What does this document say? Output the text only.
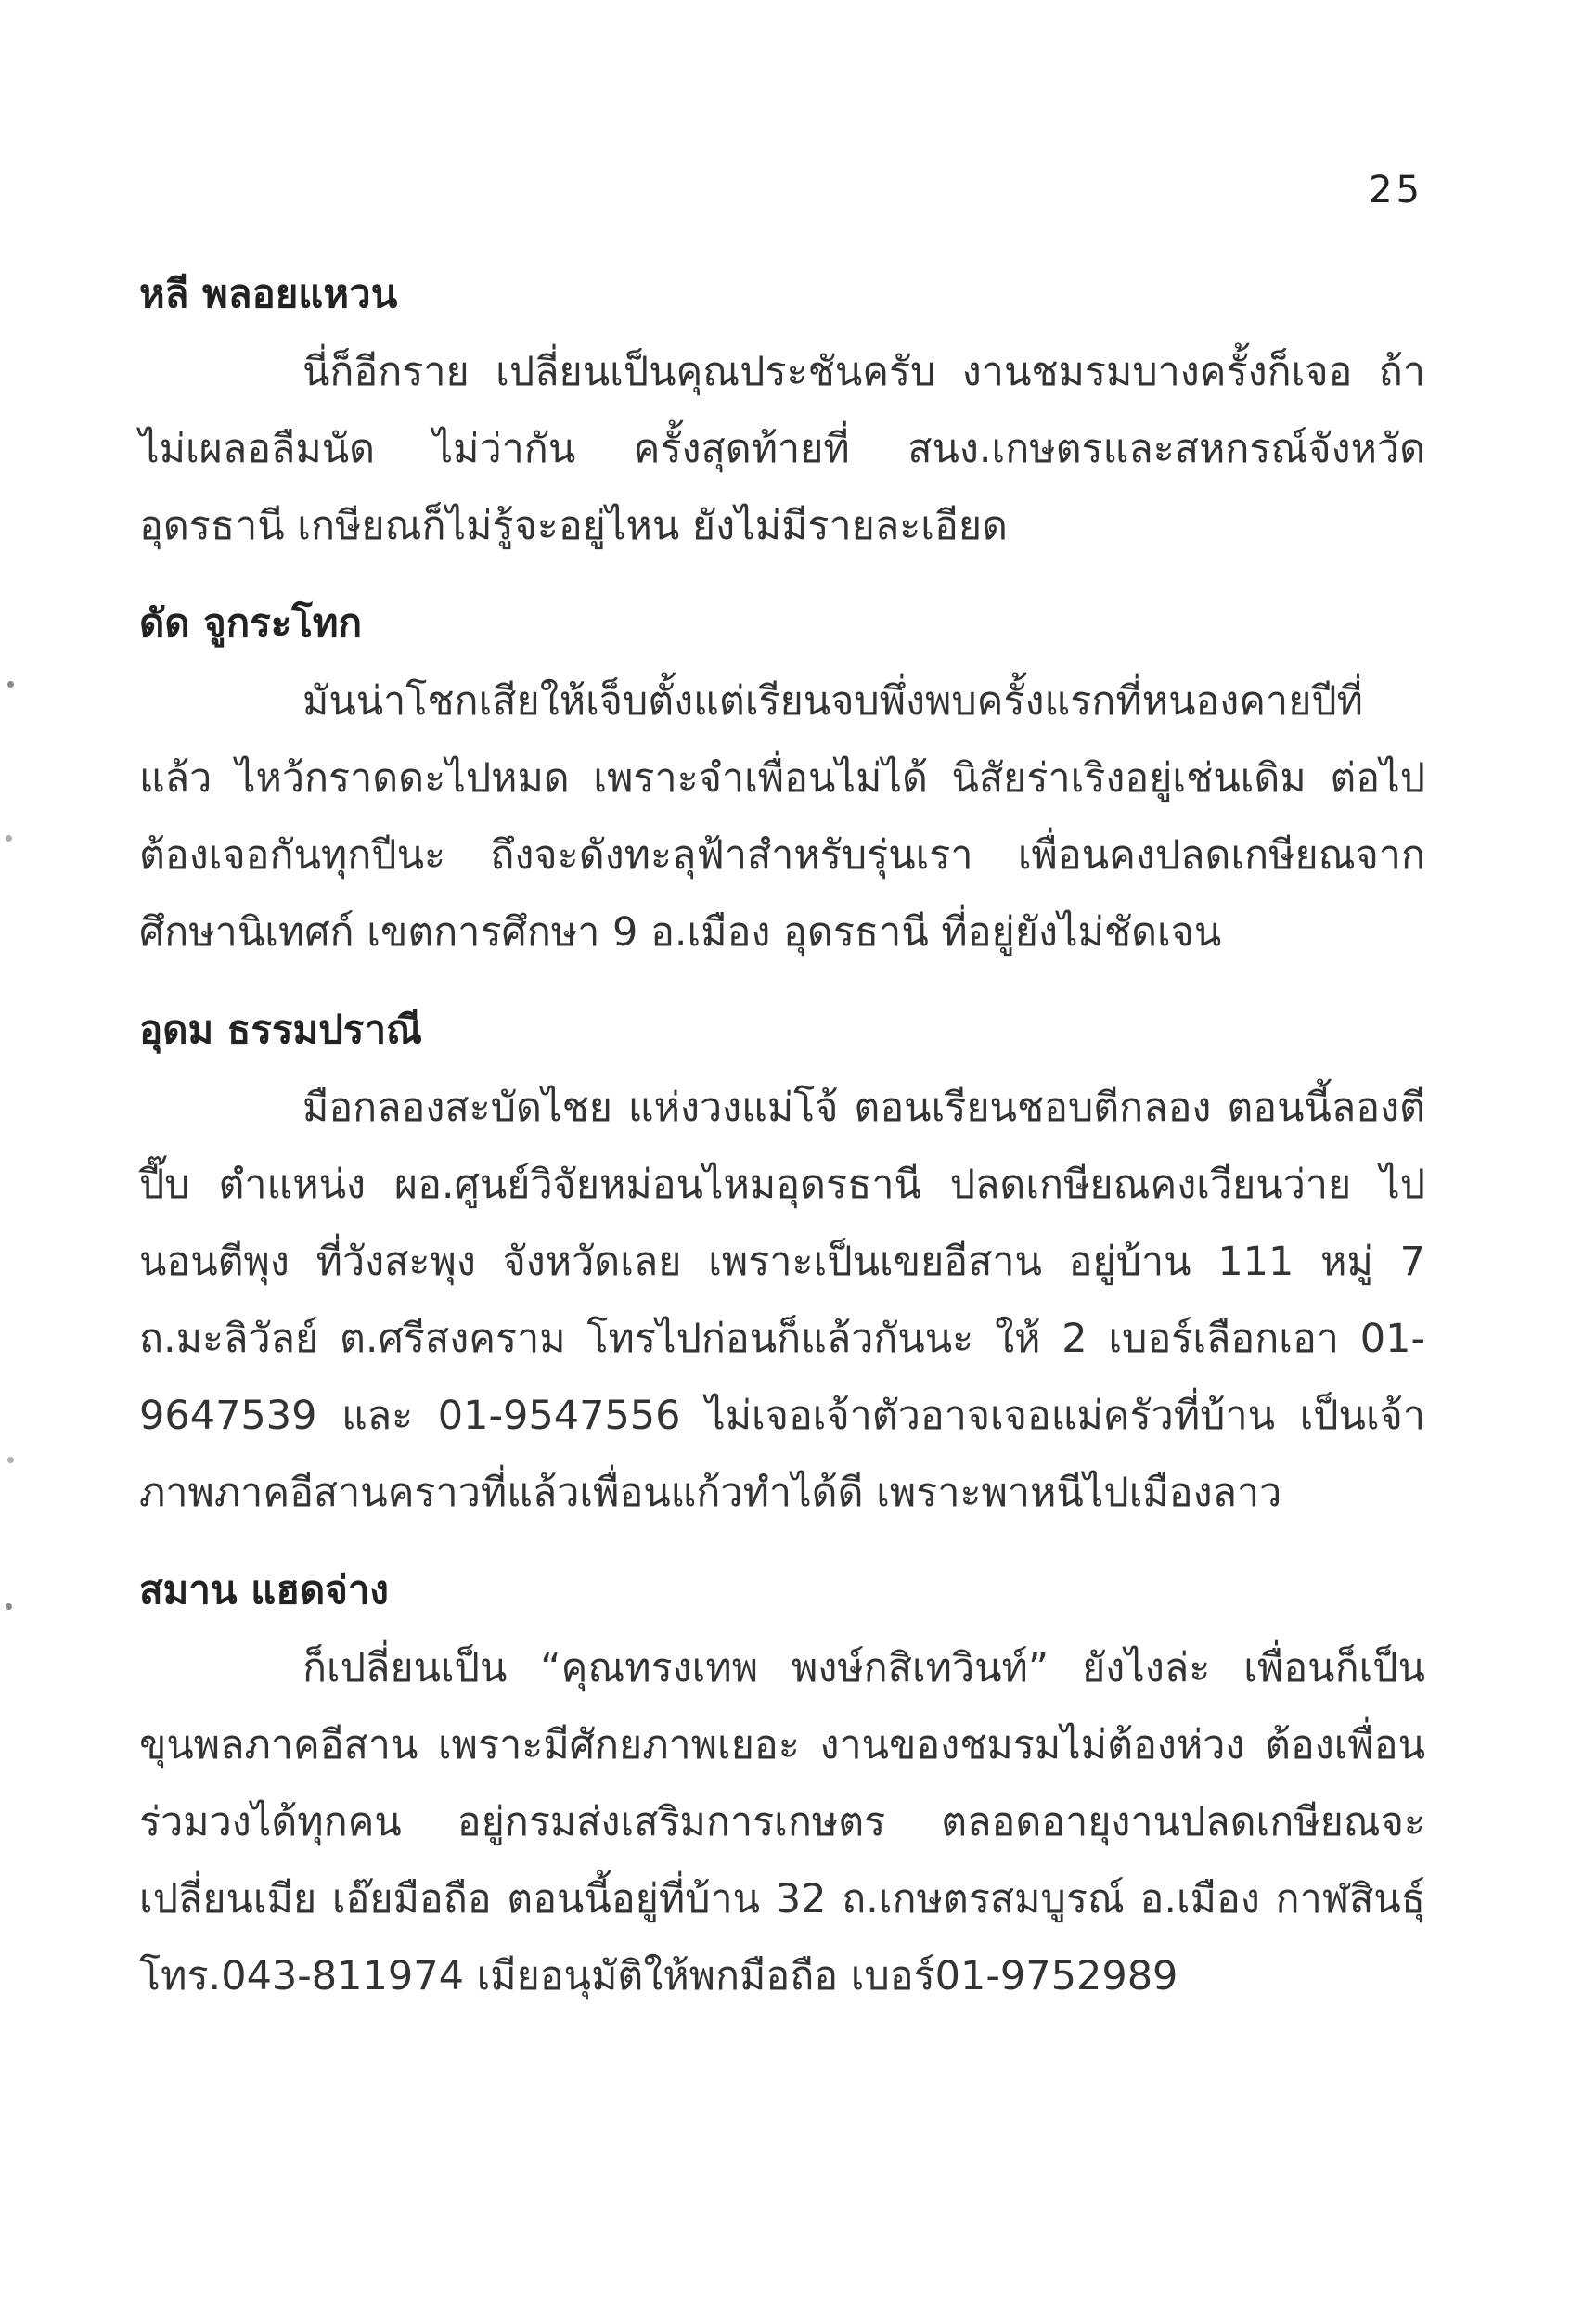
25
หลี พลอยแหวน

นี่ก็อีกราย เปลี่ยนเป็นคุณประชันครับ งานชมรมบางครั้งก็เจอ ถ้าไม่เผลอลืมนัด ไม่ว่ากัน ครั้งสุดท้ายที่ สนง.เกษตรและสหกรณ์จังหวัดอุดรธานี เกษียณก็ไม่รู้จะอยู่ไหน ยังไม่มีรายละเอียด

ดัด จูกระโทก

มันน่าโชกเสียให้เจ็บตั้งแต่เรียนจบพึ่งพบครั้งแรกที่หนองคายปีที่แล้ว ไหว้กราดดะไปหมด เพราะจำเพื่อนไม่ได้ นิสัยร่าเริงอยู่เช่นเดิม ต่อไปต้องเจอกันทุกปีนะ ถึงจะดังทะลุฟ้าสำหรับรุ่นเรา เพื่อนคงปลดเกษียณจากศึกษานิเทศก์ เขตการศึกษา 9 อ.เมือง อุดรธานี ที่อยู่ยังไม่ชัดเจน

อุดม ธรรมปราณี

มือกลองสะบัดไชย แห่งวงแม่โจ้ ตอนเรียนชอบตีกลอง ตอนนี้ลองตีปี๊บ ตำแหน่ง ผอ.ศูนย์วิจัยหม่อนไหมอุดรธานี ปลดเกษียณคงเวียนว่าย ไปนอนตีพุง ที่วังสะพุง จังหวัดเลย เพราะเป็นเขยอีสาน อยู่บ้าน 111 หมู่ 7 ถ.มะลิวัลย์ ต.ศรีสงคราม โทรไปก่อนก็แล้วกันนะ ให้ 2 เบอร์เลือกเอา 01-9647539 และ 01-9547556 ไม่เจอเจ้าตัวอาจเจอแม่ครัวที่บ้าน เป็นเจ้าภาพภาคอีสานคราวที่แล้วเพื่อนแก้วทำได้ดี เพราะพาหนีไปเมืองลาว

สมาน แฮดจ่าง

ก็เปลี่ยนเป็น “คุณทรงเทพ พงษ์กสิเทวินท์” ยังไงล่ะ เพื่อนก็เป็นขุนพลภาคอีสาน เพราะมีศักยภาพเยอะ งานของชมรมไม่ต้องห่วง ต้องเพื่อนร่วมวงได้ทุกคน อยู่กรมส่งเสริมการเกษตร ตลอดอายุงานปลดเกษียณจะเปลี่ยนเมีย เอ๊ยมือถือ ตอนนี้อยู่ที่บ้าน 32 ถ.เกษตรสมบูรณ์ อ.เมือง กาฬสินธุ์ โทร.043-811974 เมียอนุมัติให้พกมือถือ เบอร์01-9752989
